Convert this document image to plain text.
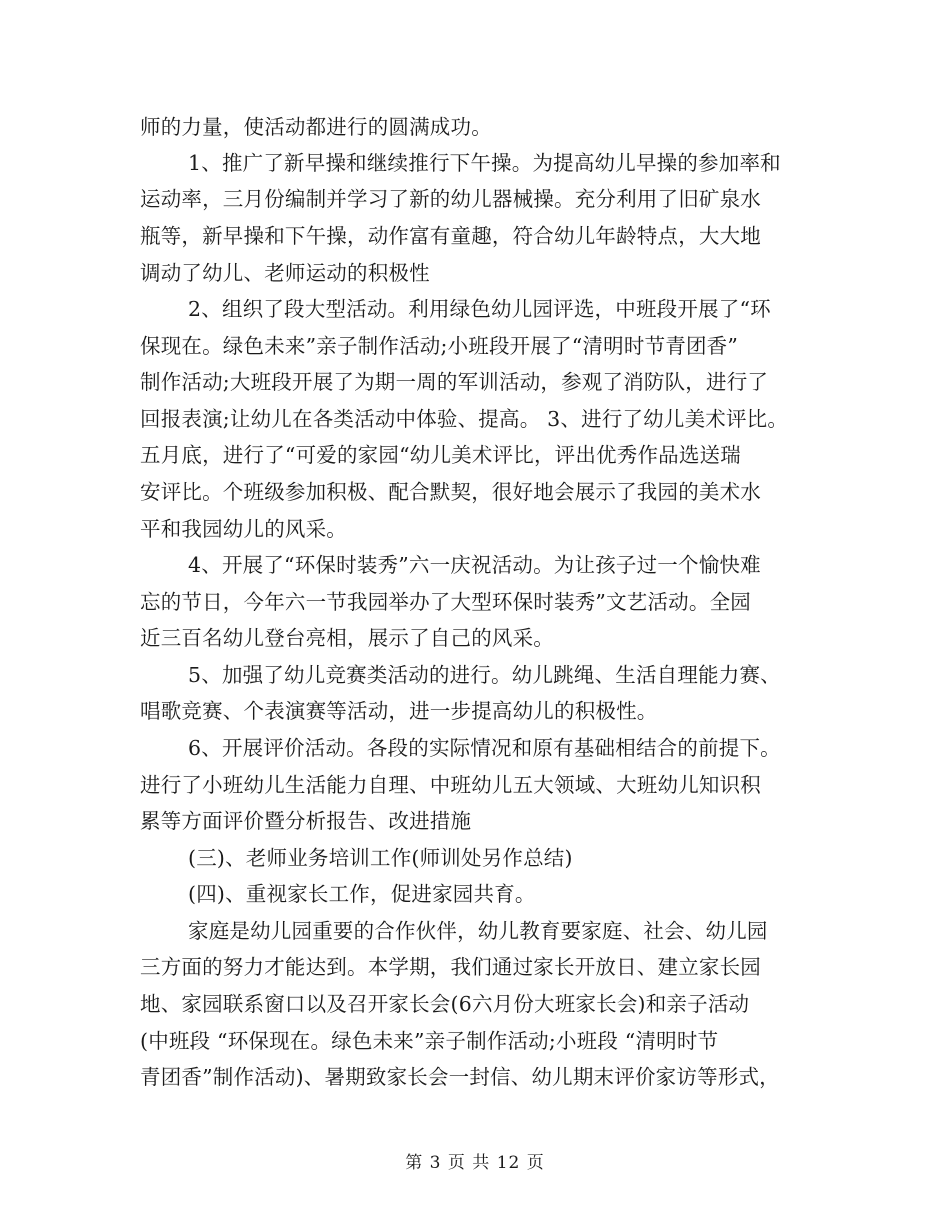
师的力量，使活动都进行的圆满成功。
1、推广了新早操和继续推行下午操。为提高幼儿早操的参加率和
运动率，三月份编制并学习了新的幼儿器械操。充分利用了旧矿泉水
瓶等，新早操和下午操，动作富有童趣，符合幼儿年龄特点，大大地
调动了幼儿、老师运动的积极性
2、组织了段大型活动。利用绿色幼儿园评选，中班段开展了“环
保现在。绿色未来”亲子制作活动;小班段开展了“清明时节青团香”
制作活动;大班段开展了为期一周的军训活动，参观了消防队，进行了
回报表演;让幼儿在各类活动中体验、提高。 3、进行了幼儿美术评比。
五月底，进行了“可爱的家园“幼儿美术评比，评出优秀作品选送瑞
安评比。个班级参加积极、配合默契，很好地会展示了我园的美术水
平和我园幼儿的风采。
4、开展了“环保时装秀”六一庆祝活动。为让孩子过一个愉快难
忘的节日，今年六一节我园举办了大型环保时装秀”文艺活动。全园
近三百名幼儿登台亮相，展示了自己的风采。
5、加强了幼儿竞赛类活动的进行。幼儿跳绳、生活自理能力赛、
唱歌竞赛、个表演赛等活动，进一步提高幼儿的积极性。
6、开展评价活动。各段的实际情况和原有基础相结合的前提下。
进行了小班幼儿生活能力自理、中班幼儿五大领域、大班幼儿知识积
累等方面评价暨分析报告、改进措施
(三)、老师业务培训工作(师训处另作总结)
(四)、重视家长工作，促进家园共育。
家庭是幼儿园重要的合作伙伴，幼儿教育要家庭、社会、幼儿园
三方面的努力才能达到。本学期，我们通过家长开放日、建立家长园
地、家园联系窗口以及召开家长会(6六月份大班家长会)和亲子活动
(中班段 “环保现在。绿色未来”亲子制作活动;小班段 “清明时节
青团香”制作活动)、暑期致家长会一封信、幼儿期末评价家访等形式，
第 3 页 共 12 页
